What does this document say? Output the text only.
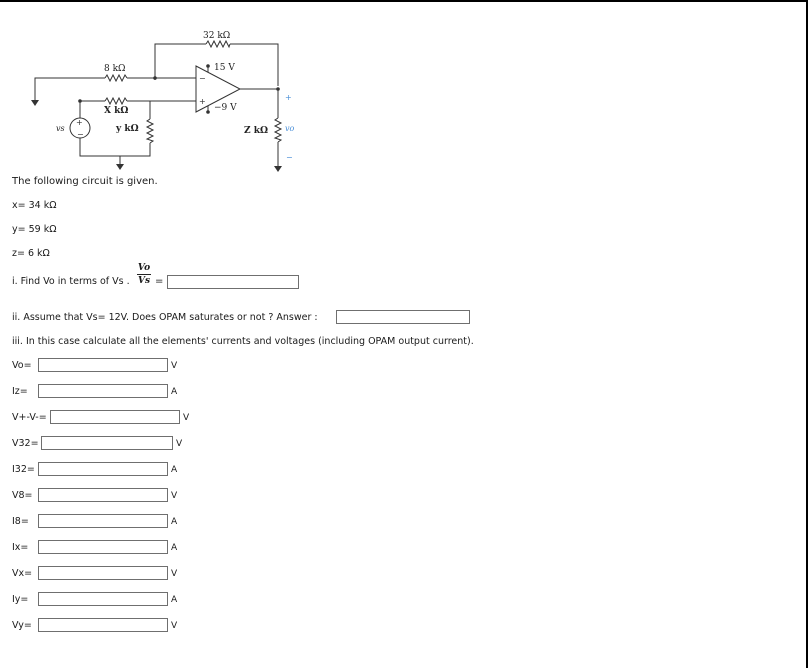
+
−
−
+
32 kΩ
8 kΩ
X kΩ
y kΩ	Z kΩ
15 V
−9 V
vs	vo
+
−
The following circuit is given.
x= 34 kΩ
y= 59 kΩ
z= 6 kΩ
i. Find Vo in terms of Vs .
Vo
Vs =
ii. Assume that Vs= 12V. Does OPAM saturates or not ? Answer :
iii. In this case calculate all the elements' currents and voltages (including OPAM output current).
Vo=	V
Iz=	A
V+-V-=	V
V32=	V
I32=	A
V8=	V
I8=	A
Ix=	A
Vx=	V
Iy=	A
Vy=	V
